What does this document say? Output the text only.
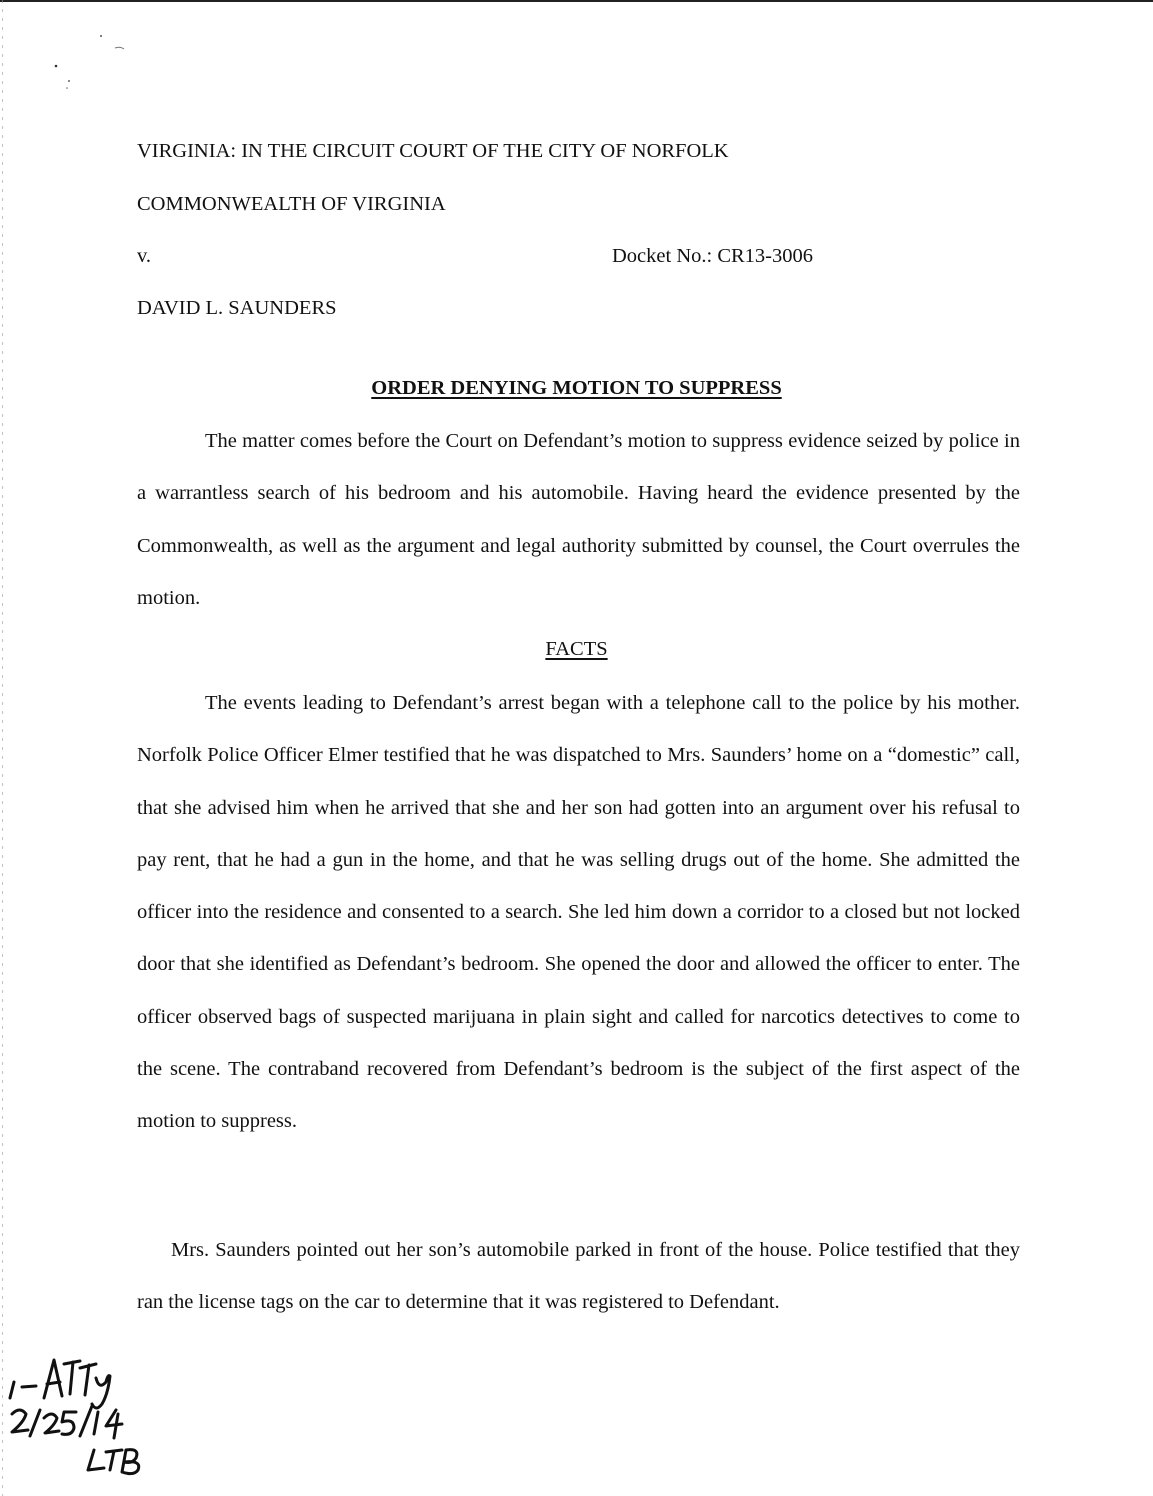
VIRGINIA: IN THE CIRCUIT COURT OF THE CITY OF NORFOLK

COMMONWEALTH OF VIRGINIA

v.	Docket No.: CR13-3006

DAVID L. SAUNDERS

ORDER DENYING MOTION TO SUPPRESS

The matter comes before the Court on Defendant’s motion to suppress evidence seized by police in a warrantless search of his bedroom and his automobile. Having heard the evidence presented by the Commonwealth, as well as the argument and legal authority submitted by counsel, the Court overrules the motion.

FACTS

The events leading to Defendant’s arrest began with a telephone call to the police by his mother. Norfolk Police Officer Elmer testified that he was dispatched to Mrs. Saunders’ home on a “domestic” call, that she advised him when he arrived that she and her son had gotten into an argument over his refusal to pay rent, that he had a gun in the home, and that he was selling drugs out of the home. She admitted the officer into the residence and consented to a search. She led him down a corridor to a closed but not locked door that she identified as Defendant’s bedroom. She opened the door and allowed the officer to enter. The officer observed bags of suspected marijuana in plain sight and called for narcotics detectives to come to the scene. The contraband recovered from Defendant’s bedroom is the subject of the first aspect of the motion to suppress.

Mrs. Saunders pointed out her son’s automobile parked in front of the house. Police testified that they ran the license tags on the car to determine that it was registered to Defendant.
